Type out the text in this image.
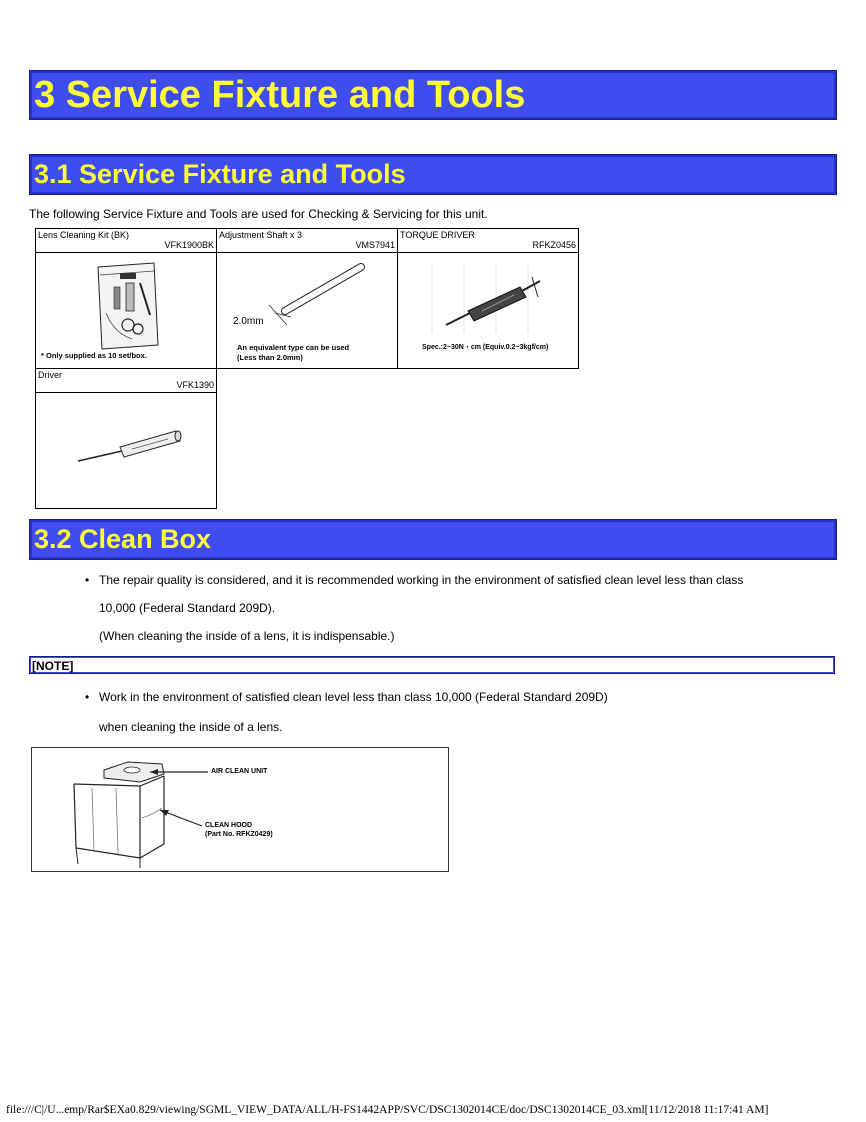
3 Service Fixture and Tools
3.1 Service Fixture and Tools
The following Service Fixture and Tools are used for Checking & Servicing for this unit.
Lens Cleaning Kit (BK)
VFK1900BK
Adjustment Shaft x 3
VMS7941
TORQUE DRIVER
RFKZ0456
* Only supplied as 10 set/box.
2.0mm
An equivalent type can be used
(Less than 2.0mm)
Spec.:2~30N・cm (Equiv.0.2~3kgf/cm)
Driver
VFK1390
3.2 Clean Box
• The repair quality is considered, and it is recommended working in the environment of satisfied clean level less than class
10,000 (Federal Standard 209D).
(When cleaning the inside of a lens, it is indispensable.)
[NOTE]
• Work in the environment of satisfied clean level less than class 10,000 (Federal Standard 209D)
when cleaning the inside of a lens.
AIR CLEAN UNIT
CLEAN HOOD
(Part No. RFKZ0429)
file:///C|/U...emp/Rar$EXa0.829/viewing/SGML_VIEW_DATA/ALL/H-FS1442APP/SVC/DSC1302014CE/doc/DSC1302014CE_03.xml[11/12/2018 11:17:41 AM]
